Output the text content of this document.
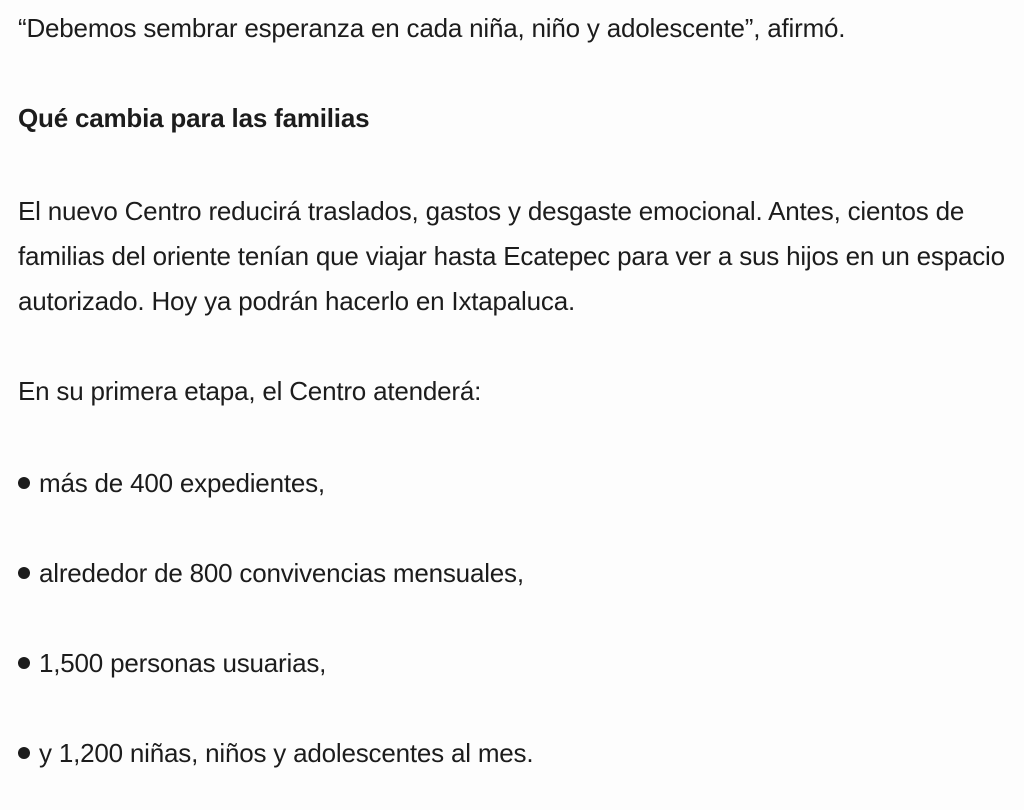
“Debemos sembrar esperanza en cada niña, niño y adolescente”, afirmó.

Qué cambia para las familias

El nuevo Centro reducirá traslados, gastos y desgaste emocional. Antes, cientos de familias del oriente tenían que viajar hasta Ecatepec para ver a sus hijos en un espacio autorizado. Hoy ya podrán hacerlo en Ixtapaluca.

En su primera etapa, el Centro atenderá:

más de 400 expedientes,
alrededor de 800 convivencias mensuales,
1,500 personas usuarias,
y 1,200 niñas, niños y adolescentes al mes.
